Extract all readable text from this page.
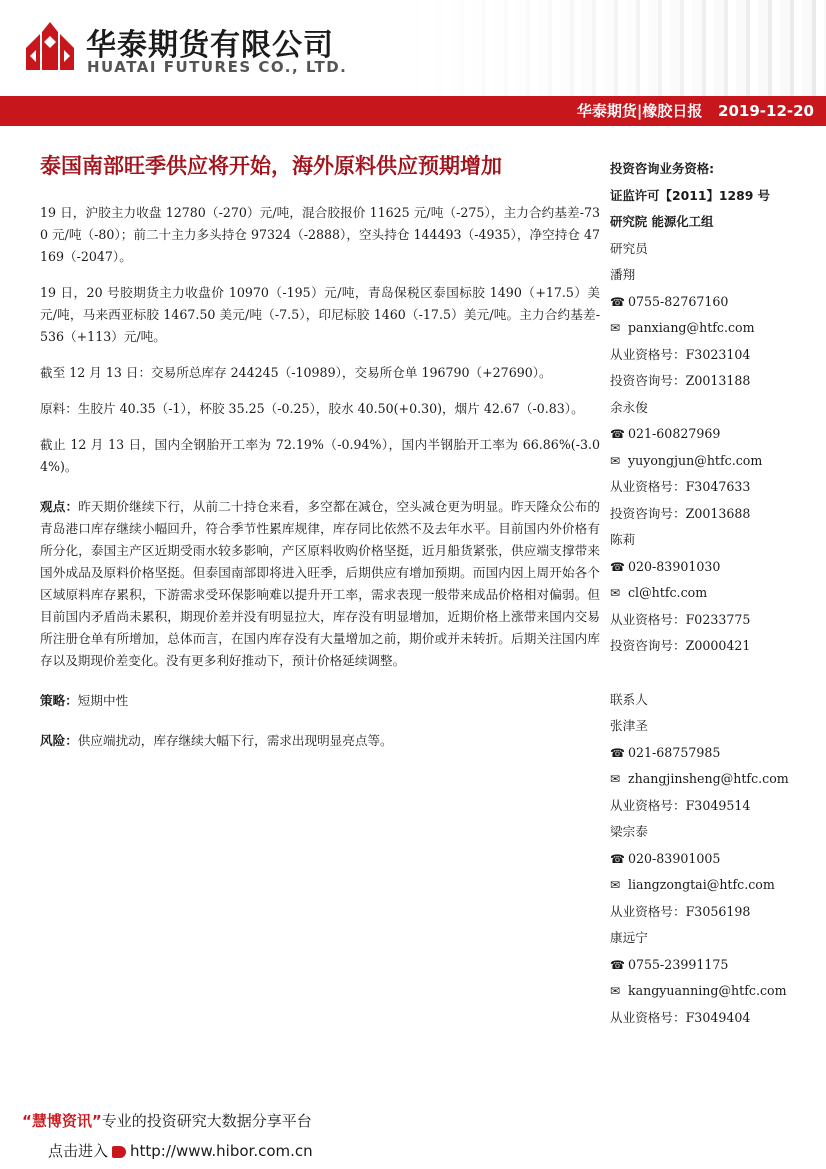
华泰期货有限公司
HUATAI FUTURES CO., LTD.
华泰期货|橡胶日报   2019-12-20
泰国南部旺季供应将开始，海外原料供应预期增加

19 日，沪胶主力收盘 12780（-270）元/吨，混合胶报价 11625 元/吨（-275），主力合约基差-730 元/吨（-80）；前二十主力多头持仓 97324（-2888），空头持仓 144493（-4935），净空持仓 47169（-2047）。

19 日，20 号胶期货主力收盘价 10970（-195）元/吨，青岛保税区泰国标胶 1490（+17.5）美元/吨，马来西亚标胶 1467.50 美元/吨（-7.5），印尼标胶 1460（-17.5）美元/吨。主力合约基差-536（+113）元/吨。

截至 12 月 13 日：交易所总库存 244245（-10989），交易所仓单 196790（+27690）。

原料：生胶片 40.35（-1），杯胶 35.25（-0.25），胶水 40.50(+0.30)，烟片 42.67（-0.83）。

截止 12 月 13 日，国内全钢胎开工率为 72.19%（-0.94%），国内半钢胎开工率为 66.86%(-3.04%)。

观点：昨天期价继续下行，从前二十持仓来看，多空都在减仓，空头减仓更为明显。昨天隆众公布的青岛港口库存继续小幅回升，符合季节性累库规律，库存同比依然不及去年水平。目前国内外价格有所分化，泰国主产区近期受雨水较多影响，产区原料收购价格坚挺，近月船货紧张，供应端支撑带来国外成品及原料价格坚挺。但泰国南部即将进入旺季，后期供应有增加预期。而国内因上周开始各个区域原料库存累积，下游需求受环保影响难以提升开工率，需求表现一般带来成品价格相对偏弱。但目前国内矛盾尚未累积，期现价差并没有明显拉大，库存没有明显增加，近期价格上涨带来国内交易所注册仓单有所增加，总体而言，在国内库存没有大量增加之前，期价或并未转折。后期关注国内库存以及期现价差变化。没有更多利好推动下，预计价格延续调整。

策略：短期中性

风险：供应端扰动，库存继续大幅下行，需求出现明显亮点等。

投资咨询业务资格:
证监许可【2011】1289 号
研究院 能源化工组
研究员
潘翔
☎ 0755-82767160
✉ panxiang@htfc.com
从业资格号：F3023104
投资咨询号：Z0013188
余永俊
☎ 021-60827969
✉ yuyongjun@htfc.com
从业资格号：F3047633
投资咨询号：Z0013688
陈莉
☎ 020-83901030
✉ cl@htfc.com
从业资格号：F0233775
投资咨询号：Z0000421
联系人
张津圣
☎ 021-68757985
✉ zhangjinsheng@htfc.com
从业资格号：F3049514
梁宗泰
☎ 020-83901005
✉ liangzongtai@htfc.com
从业资格号：F3056198
康远宁
☎ 0755-23991175
✉ kangyuanning@htfc.com
从业资格号：F3049404
“慧博资讯”专业的投资研究大数据分享平台
点击进入 http://www.hibor.com.cn
